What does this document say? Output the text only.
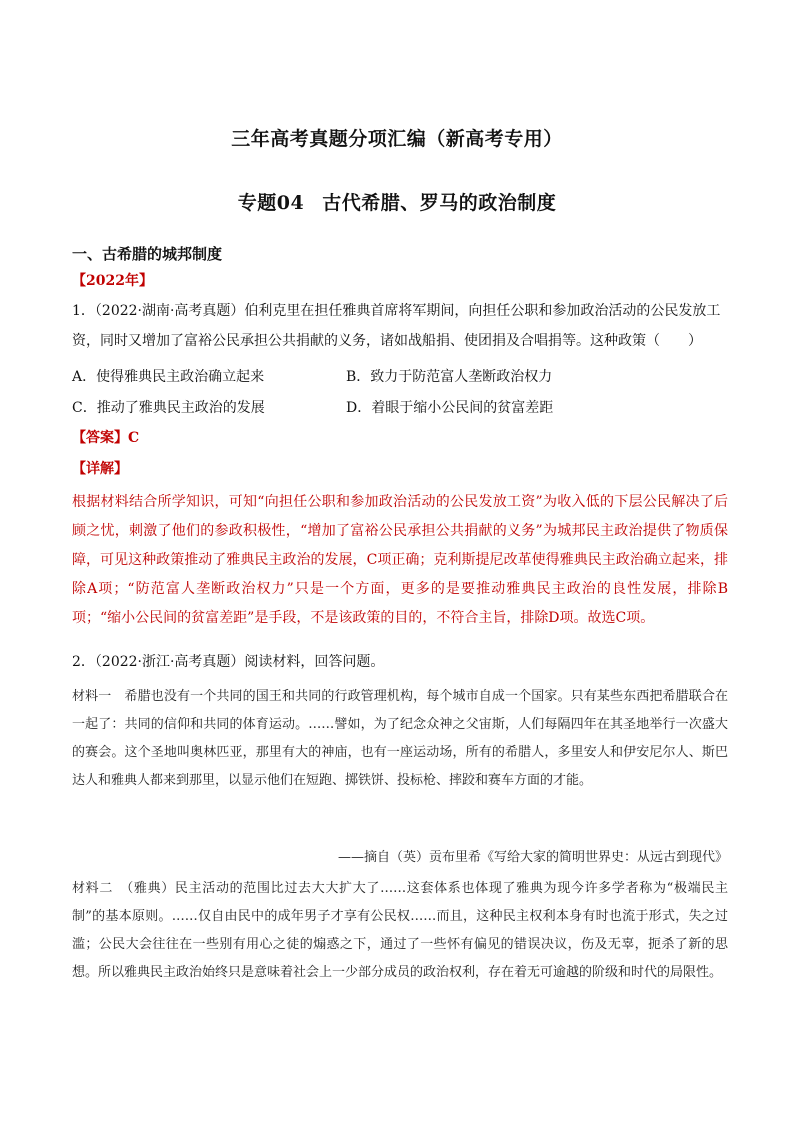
三年高考真题分项汇编（新高考专用）
专题04 古代希腊、罗马的政治制度
一、古希腊的城邦制度
【2022年】
1．（2022·湖南·高考真题）伯利克里在担任雅典首席将军期间，向担任公职和参加政治活动的公民发放工资，同时又增加了富裕公民承担公共捐献的义务，诸如战船捐、使团捐及合唱捐等。这种政策（　　）
A．使得雅典民主政治确立起来	B．致力于防范富人垄断政治权力
C．推动了雅典民主政治的发展	D．着眼于缩小公民间的贫富差距
【答案】C
【详解】
根据材料结合所学知识，可知“向担任公职和参加政治活动的公民发放工资”为收入低的下层公民解决了后顾之忧，刺激了他们的参政积极性，“增加了富裕公民承担公共捐献的义务”为城邦民主政治提供了物质保障，可见这种政策推动了雅典民主政治的发展，C项正确；克利斯提尼改革使得雅典民主政治确立起来，排除A项；“防范富人垄断政治权力”只是一个方面，更多的是要推动雅典民主政治的良性发展，排除B项；“缩小公民间的贫富差距”是手段，不是该政策的目的，不符合主旨，排除D项。故选C项。
2．（2022·浙江·高考真题）阅读材料，回答问题。
材料一　希腊也没有一个共同的国王和共同的行政管理机构，每个城市自成一个国家。只有某些东西把希腊联合在一起了：共同的信仰和共同的体育运动。……譬如，为了纪念众神之父宙斯，人们每隔四年在其圣地举行一次盛大的赛会。这个圣地叫奥林匹亚，那里有大的神庙，也有一座运动场，所有的希腊人，多里安人和伊安尼尔人、斯巴达人和雅典人都来到那里，以显示他们在短跑、掷铁饼、投标枪、摔跤和赛车方面的才能。
——摘自（英）贡布里希《写给大家的简明世界史：从远古到现代》
材料二　（雅典）民主活动的范围比过去大大扩大了……这套体系也体现了雅典为现今许多学者称为“极端民主制”的基本原则。……仅自由民中的成年男子才享有公民权……而且，这种民主权利本身有时也流于形式，失之过滥；公民大会往往在一些别有用心之徒的煽惑之下，通过了一些怀有偏见的错误决议，伤及无辜，扼杀了新的思想。所以雅典民主政治始终只是意味着社会上一少部分成员的政治权利，存在着无可逾越的阶级和时代的局限性。
